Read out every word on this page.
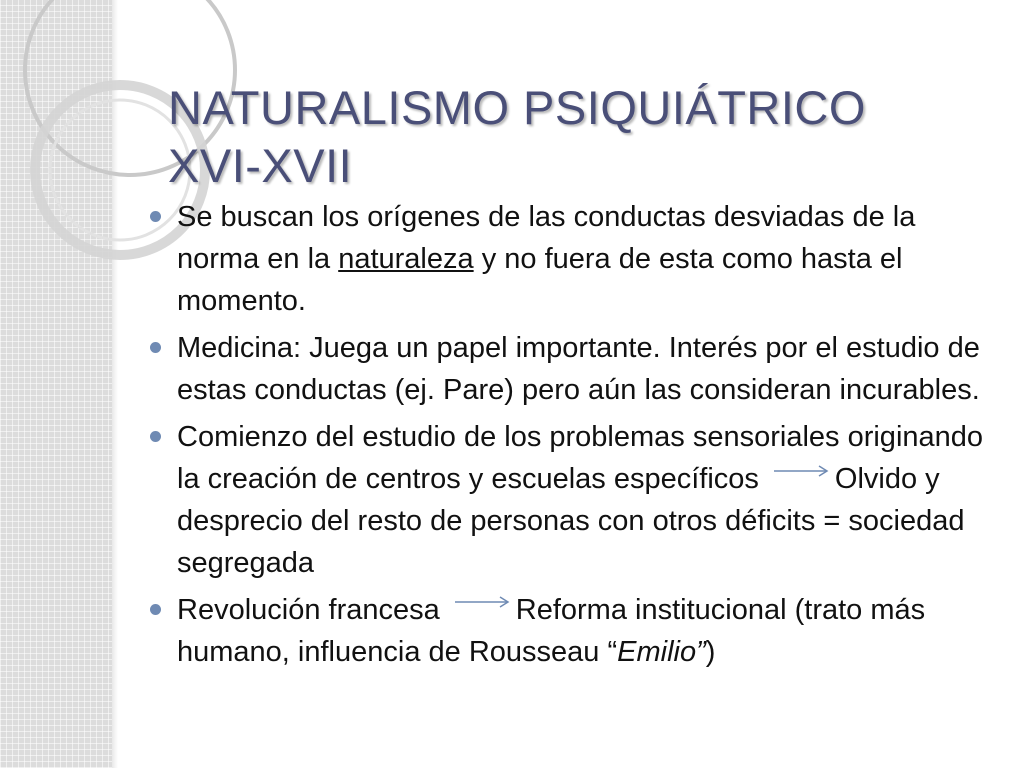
NATURALISMO PSIQUIÁTRICO
XVI-XVII
Se buscan los orígenes de las conductas desviadas de la norma en la naturaleza y no fuera de esta como hasta el momento.
Medicina: Juega un papel importante. Interés por el estudio de estas conductas (ej. Pare) pero aún las consideran incurables.
Comienzo del estudio de los problemas sensoriales originando la creación de centros y escuelas específicos	Olvido y desprecio del resto de personas con otros déficits = sociedad segregada
Revolución francesa	Reforma institucional (trato más humano, influencia de Rousseau “Emilio”)
